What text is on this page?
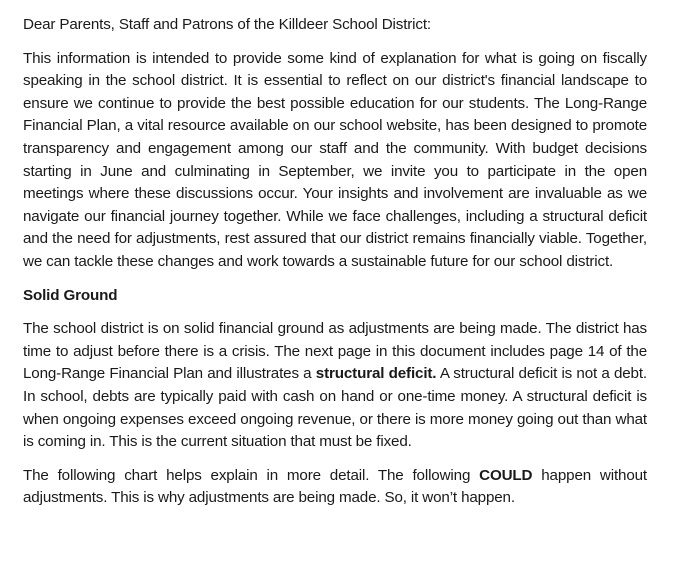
Dear Parents, Staff and Patrons of the Killdeer School District:

This information is intended to provide some kind of explanation for what is going on fiscally speaking in the school district. It is essential to reflect on our district's financial landscape to ensure we continue to provide the best possible education for our students. The Long-Range Financial Plan, a vital resource available on our school website, has been designed to promote transparency and engagement among our staff and the community. With budget decisions starting in June and culminating in September, we invite you to participate in the open meetings where these discussions occur. Your insights and involvement are invaluable as we navigate our financial journey together. While we face challenges, including a structural deficit and the need for adjustments, rest assured that our district remains financially viable. Together, we can tackle these changes and work towards a sustainable future for our school district.

Solid Ground

The school district is on solid financial ground as adjustments are being made. The district has time to adjust before there is a crisis. The next page in this document includes page 14 of the Long-Range Financial Plan and illustrates a structural deficit. A structural deficit is not a debt. In school, debts are typically paid with cash on hand or one-time money. A structural deficit is when ongoing expenses exceed ongoing revenue, or there is more money going out than what is coming in. This is the current situation that must be fixed.

The following chart helps explain in more detail. The following COULD happen without adjustments. This is why adjustments are being made. So, it won’t happen.
